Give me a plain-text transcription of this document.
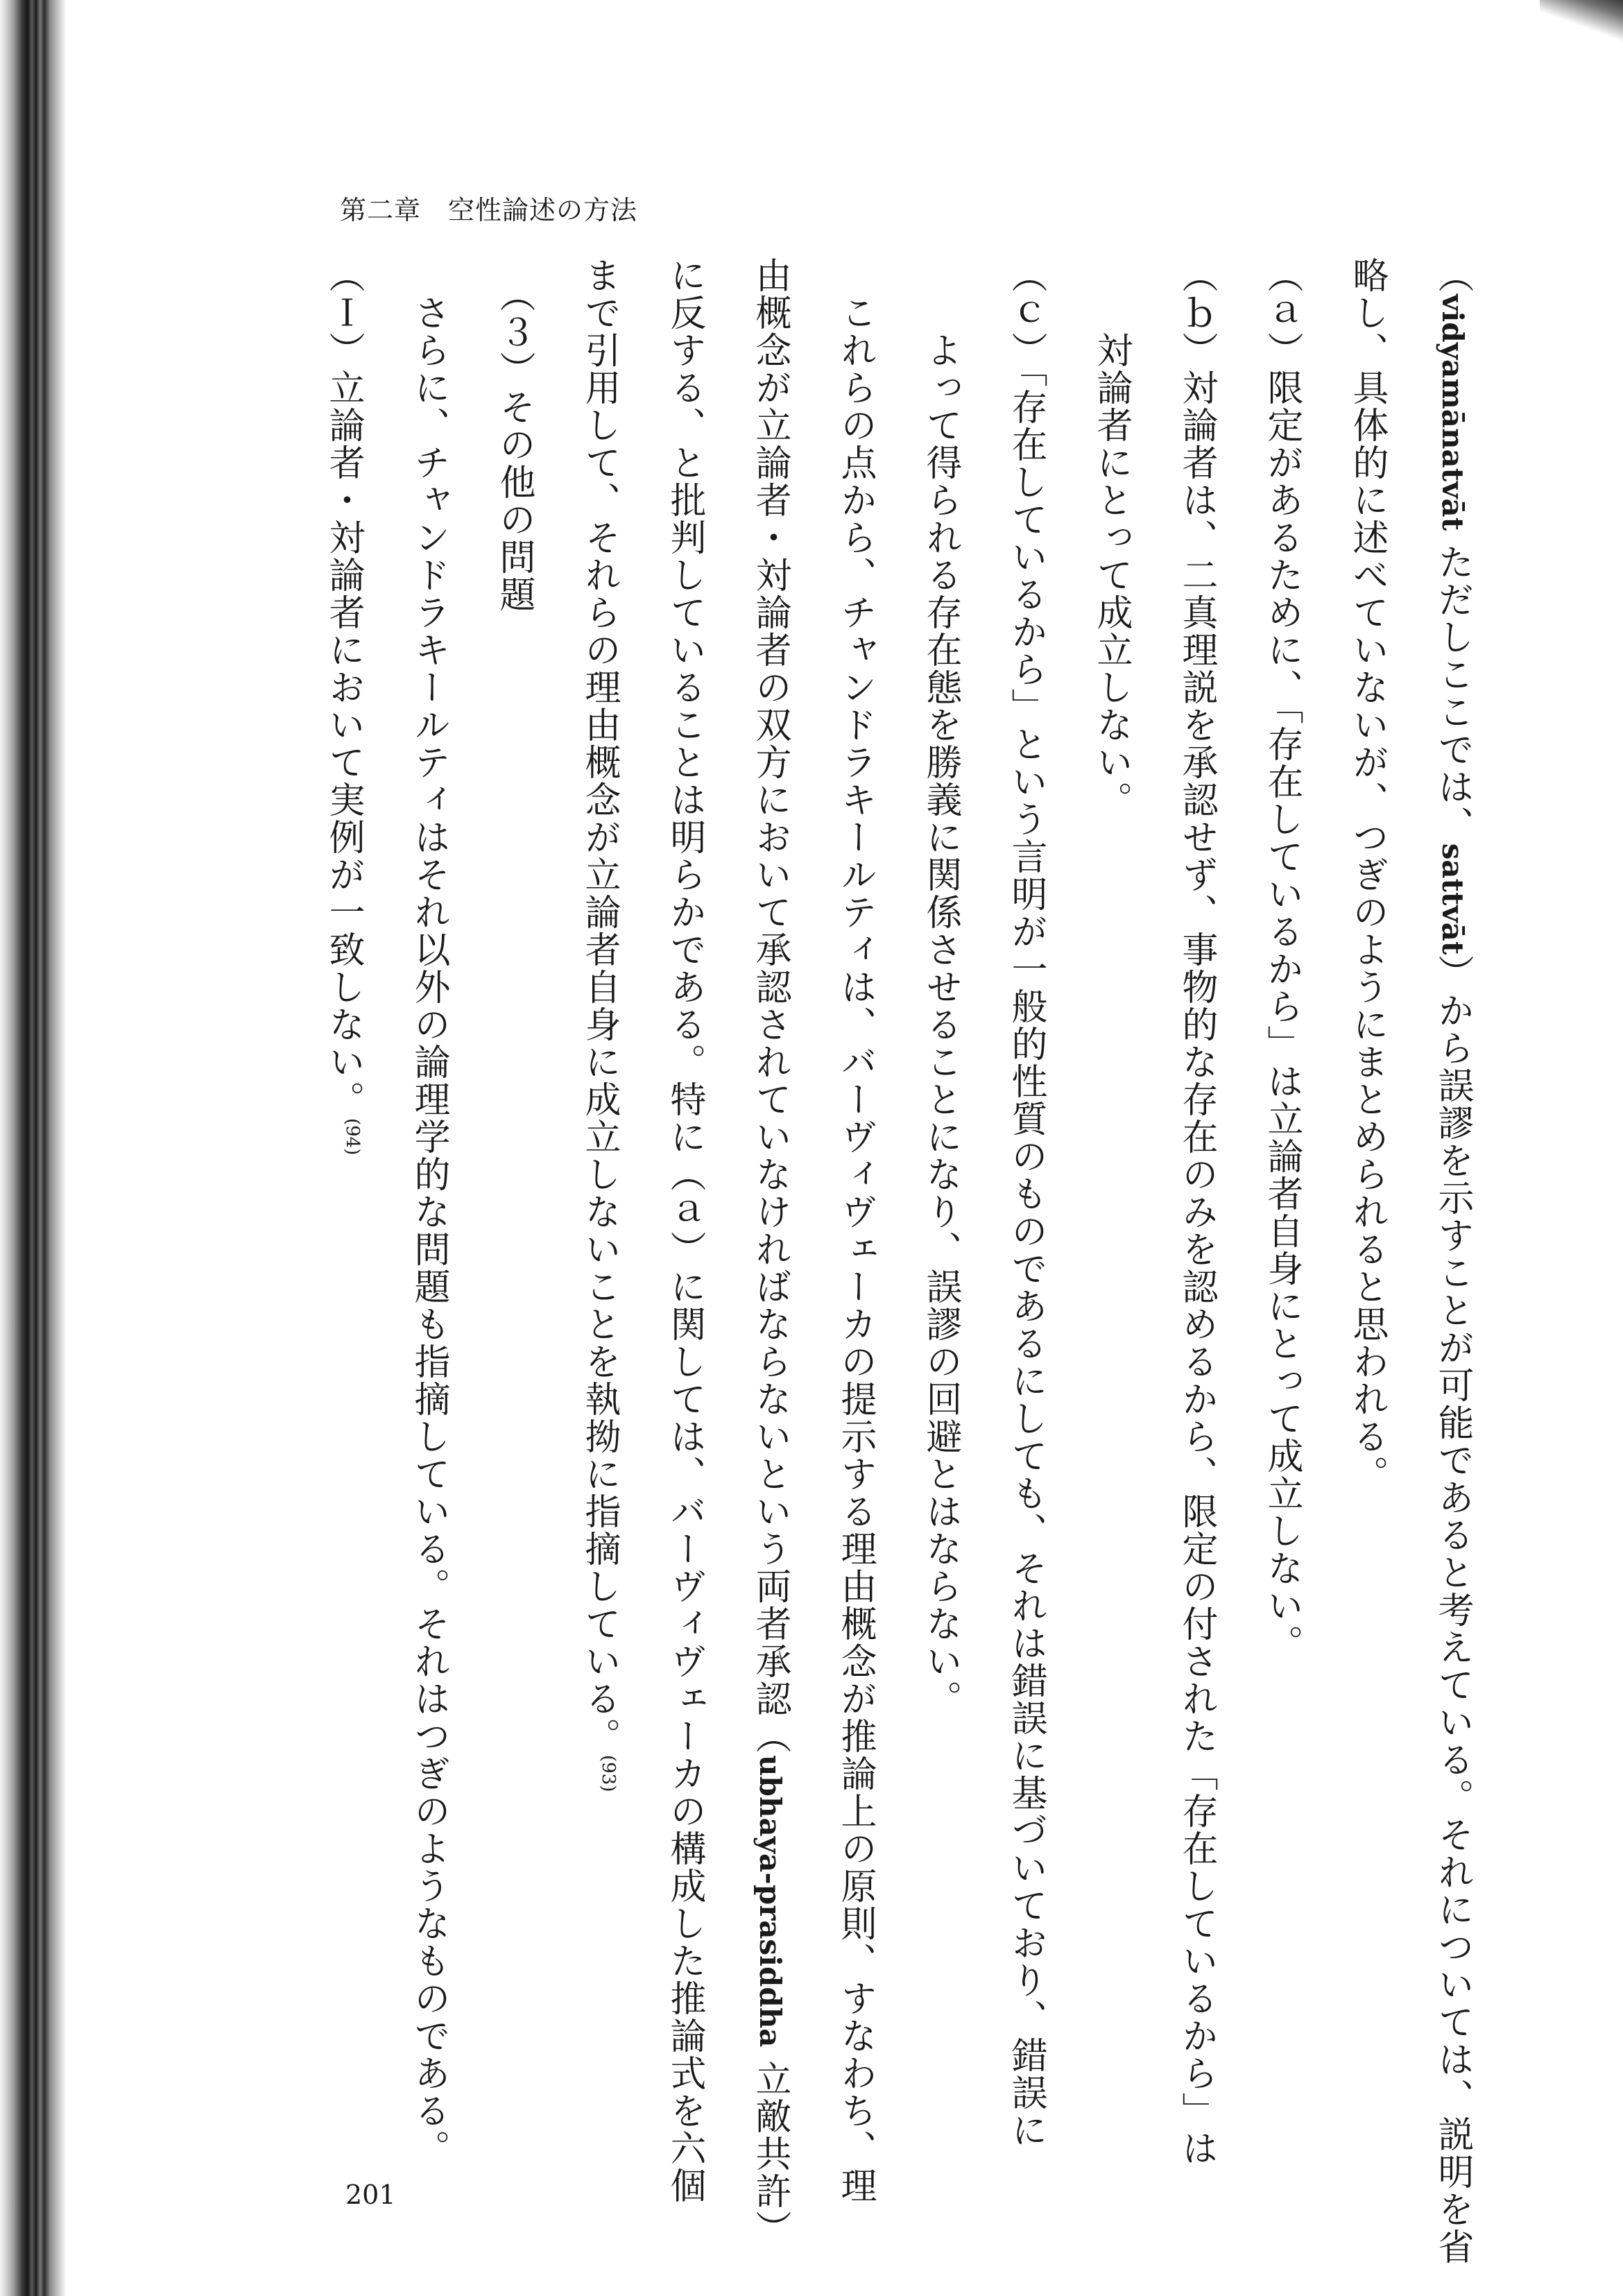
第二章　空性論述の方法
（vidyamānatvāt ただしここでは、sattvāt）から誤謬を示すことが可能であると考えている。それについては、説明を省
略し、具体的に述べていないが、つぎのようにまとめられると思われる。
（ａ）限定があるために、「存在しているから」は立論者自身にとって成立しない。
（ｂ）対論者は、二真理説を承認せず、事物的な存在のみを認めるから、限定の付された「存在しているから」は
　　対論者にとって成立しない。
（ｃ）「存在しているから」という言明が一般的性質のものであるにしても、それは錯誤に基づいており、錯誤に
　　よって得られる存在態を勝義に関係させることになり、誤謬の回避とはならない。
　これらの点から、チャンドラキールティは、バーヴィヴェーカの提示する理由概念が推論上の原則、すなわち、理
由概念が立論者・対論者の双方において承認されていなければならないという両者承認（ubhaya-prasiddha 立敵共許）
に反する、と批判していることは明らかである。特に（ａ）に関しては、バーヴィヴェーカの構成した推論式を六個
まで引用して、それらの理由概念が立論者自身に成立しないことを執拗に指摘している。$^{(93)}$
　（３）その他の問題
　さらに、チャンドラキールティはそれ以外の論理学的な問題も指摘している。それはつぎのようなものである。
（Ｉ）立論者・対論者において実例が一致しない。$^{(94)}$
201
